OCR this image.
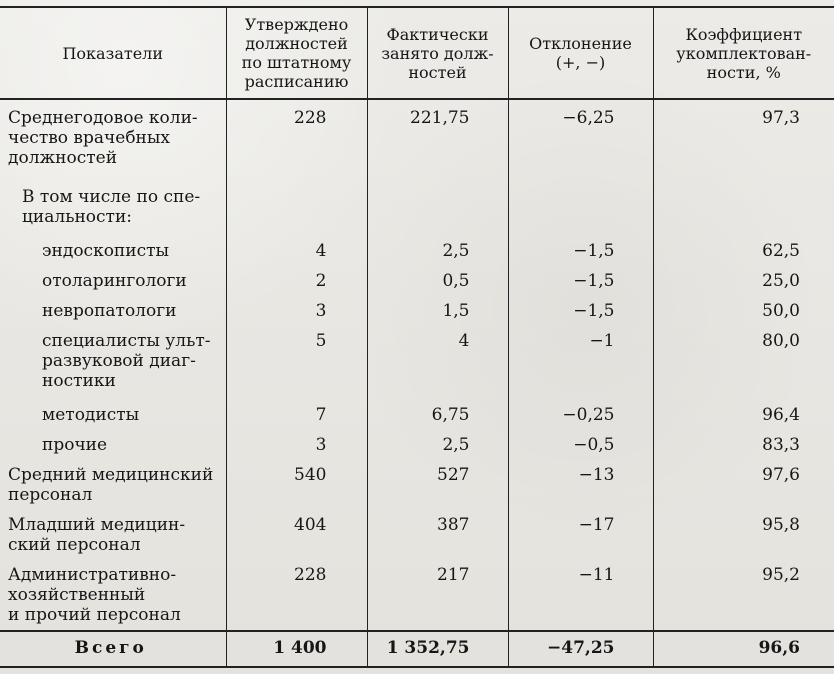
Показатели	Утверждено
должностей
по штатному
расписанию	Фактически
занято долж-
ностей	Отклонение
(+, −)	Коэффициент
укомплектован-
ности, %
Среднегодовое коли-
чество врачебных
должностей	228	221,75	−6,25	97,3
В том числе по спе-
циальности:				
эндоскописты	4	2,5	−1,5	62,5
отоларингологи	2	0,5	−1,5	25,0
невропатологи	3	1,5	−1,5	50,0
специалисты ульт-
развуковой диаг-
ностики	5	4	−1	80,0
методисты	7	6,75	−0,25	96,4
прочие	3	2,5	−0,5	83,3
Средний медицинский
персонал	540	527	−13	97,6
Младший медицин-
ский персонал	404	387	−17	95,8
Административно-
хозяйственный
и прочий персонал	228	217	−11	95,2
Всего	1 400	1 352,75	−47,25	96,6
